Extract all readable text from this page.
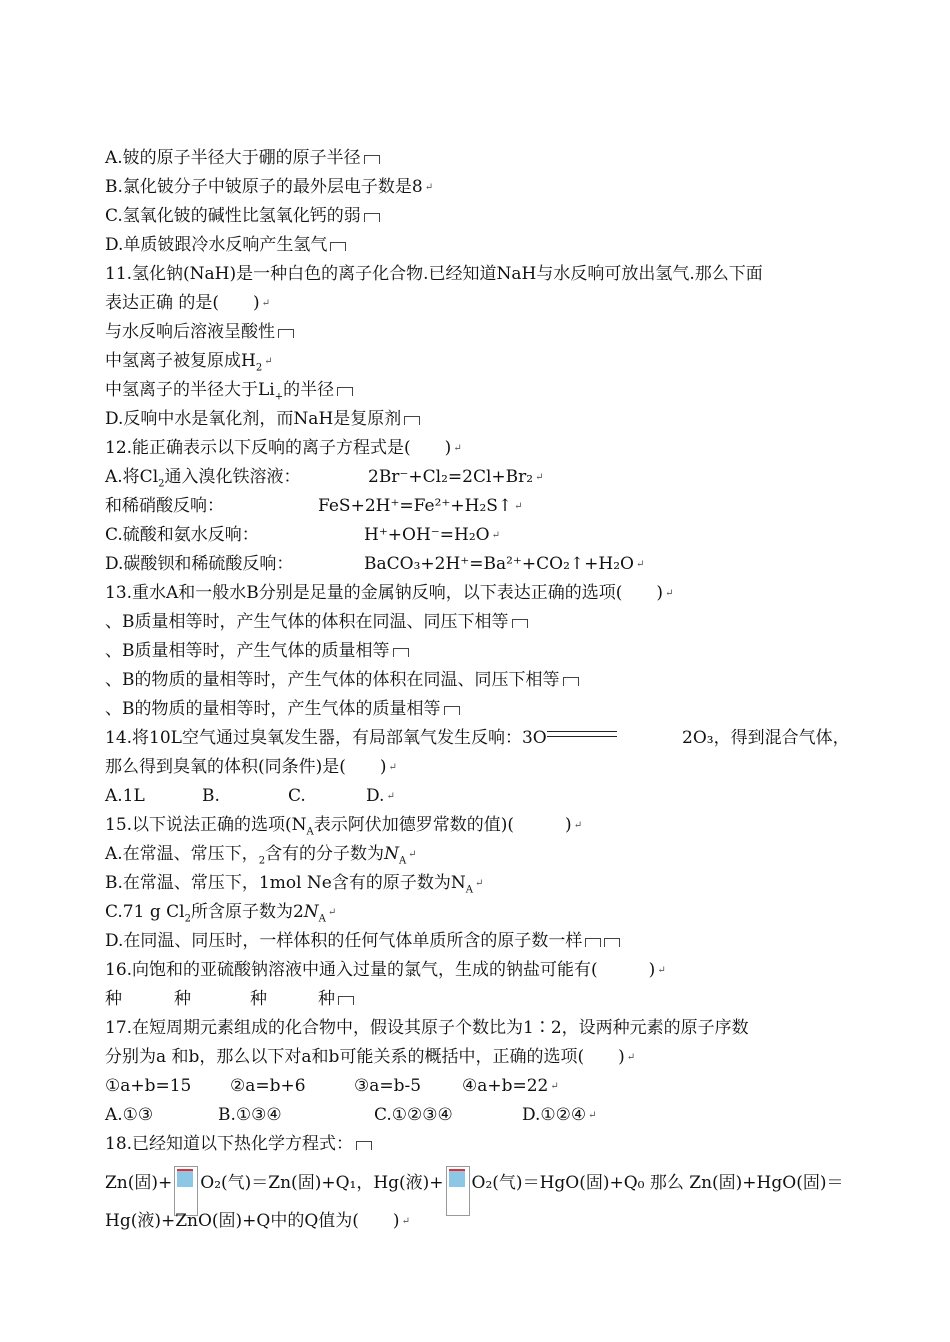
A.铍的原子半径大于硼的原子半径
B.氯化铍分子中铍原子的最外层电子数是8 ↵
C.氢氧化铍的碱性比氢氧化钙的弱
D.单质铍跟冷水反响产生氢气
11.氢化钠(NaH)是一种白色的离子化合物.已经知道NaH与水反响可放出氢气.那么下面
表达正确 的是(　　) ↵
与水反响后溶液呈酸性
中氢离子被复原成$H_2↵$
中氢离子的半径大于$Li_+$的半径
D.反响中水是氧化剂，而NaH是复原剂
12.能正确表示以下反响的离子方程式是(　　) ↵
A.将$Cl_2$通入溴化铁溶液：	2Br⁻+Cl₂=2Cl+Br₂ ↵
和稀硝酸反响：	FeS+2H⁺=Fe²⁺+H₂S↑ ↵
C.硫酸和氨水反响：	H⁺+OH⁻=H₂O ↵
D.碳酸钡和稀硫酸反响：	BaCO₃+2H⁺=Ba²⁺+CO₂↑+H₂O ↵
13.重水A和一般水B分别是足量的金属钠反响，以下表达正确的选项(　　) ↵
、B质量相等时，产生气体的体积在同温、同压下相等
、B质量相等时，产生气体的质量相等
、B的物质的量相等时，产生气体的体积在同温、同压下相等
、B的物质的量相等时，产生气体的质量相等
14.将10L空气通过臭氧发生器，有局部氧气发生反响：3O	2O₃，得到混合气体，
那么得到臭氧的体积(同条件)是(　　) ↵
A.1L	B.	C.	D. ↵
15.以下说法正确的选项($N_A$表示阿伏加德罗常数的值)(　　　) ↵
A.在常温、常压下，$_2$含有的分子数为$N_A↵$
B.在常温、常压下，1mol Ne含有的原子数为$N_A↵$
C.71 g $Cl_2$所含原子数为$2N_A↵$
D.在同温、同压时，一样体积的任何气体单质所含的原子数一样
16.向饱和的亚硫酸钠溶液中通入过量的氯气，生成的钠盐可能有(　　　) ↵
种	种	种	种
17.在短周期元素组成的化合物中，假设其原子个数比为1∶2，设两种元素的原子序数
分别为a 和b，那么以下对a和b可能关系的概括中，正确的选项(　　) ↵
①a+b=15 ②a=b+6	③a=b-5 ④a+b=22 ↵
A.①③	B.①③④	C.①②③④	D.①②④ ↵
18.已经知道以下热化学方程式：
Zn(固)+ O₂(气)＝Zn(固)+Q₁，Hg(液)+ O₂(气)＝HgO(固)+Q₀ 那么 Zn(固)+HgO(固)＝
Hg(液)+ZnO(固)+Q中的Q值为(　　) ↵
